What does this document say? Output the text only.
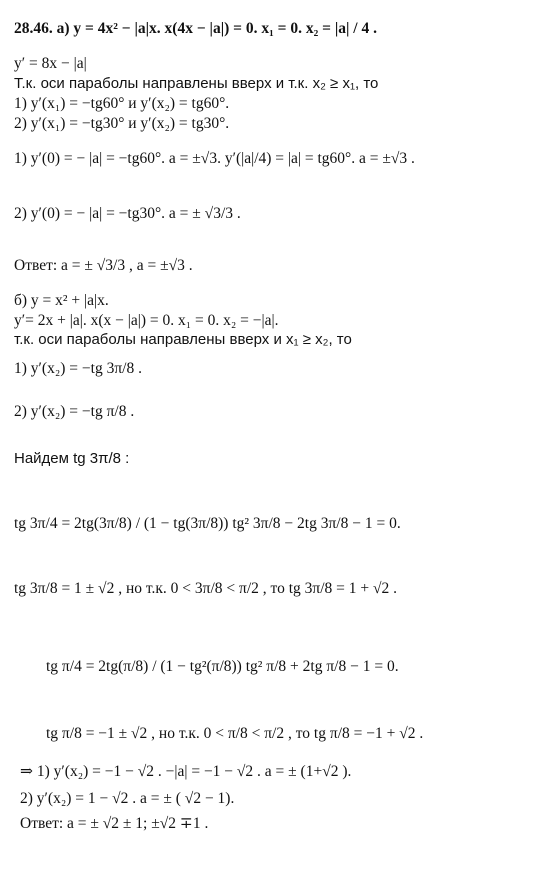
28.46. а) y = 4x² − |a|x. x(4x − |a|) = 0. x₁ = 0. x₂ = |a| / 4 .
y′ = 8x − |a|
Т.к. оси параболы направлены вверх и т.к. x₂ ≥ x₁, то
1) y′(x₁) = −tg60° и y′(x₂) = tg60°.
2) y′(x₁) = −tg30° и y′(x₂) = tg30°.
1) y′(0) = − |a| = −tg60°. a = ±√3. y′(|a|/4) = |a| = tg60°. a = ±√3 .
2) y′(0) = − |a| = −tg30°. a = ± √3/3 .
Ответ: a = ± √3/3 , a = ±√3 .
б) y = x² + |a|x.
y′= 2x + |a|. x(x − |a|) = 0. x₁ = 0. x₂ = −|a|.
т.к. оси параболы направлены вверх и x₁ ≥ x₂, то
1) y′(x₂) = −tg 3π/8 .
2) y′(x₂) = −tg π/8 .
Найдем tg 3π/8 :
tg 3π/4 = 2tg(3π/8) / (1 − tg(3π/8)) tg² 3π/8 − 2tg 3π/8 − 1 = 0.
tg 3π/8 = 1 ± √2 , но т.к. 0 < 3π/8 < π/2 , то tg 3π/8 = 1 + √2 .
tg π/4 = 2tg(π/8) / (1 − tg²(π/8)) tg² π/8 + 2tg π/8 − 1 = 0.
tg π/8 = −1 ± √2 , но т.к. 0 < π/8 < π/2 , то tg π/8 = −1 + √2 .
⇒ 1) y′(x₂) = −1 − √2 . −|a| = −1 − √2 . a = ± (1+√2 ).
2) y′(x₂) = 1 − √2 . a = ± ( √2 − 1).
Ответ: a = ± √2 ± 1; ±√2 ∓1 .
